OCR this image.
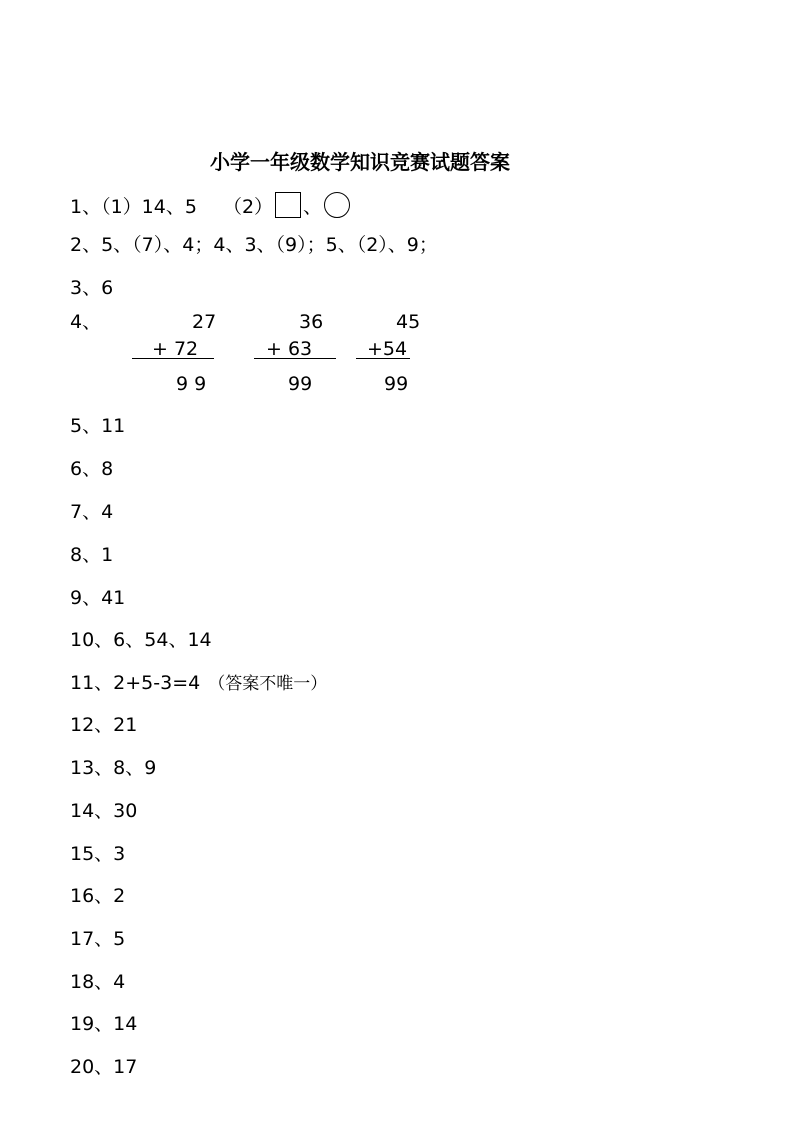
小学一年级数学知识竞赛试题答案
1、（1）14、5 （2） 、
2、5、（7）、4；4、3、（9）；5、（2）、9；
3、6
4、	27
+ 72
9 9
36
+ 63
99
45
+54
99
5、11
6、8
7、4
8、1
9、41
10、6、54、14
11、2+5-3=4 （答案不唯一）
12、21
13、8、9
14、30
15、3
16、2
17、5
18、4
19、14
20、17
